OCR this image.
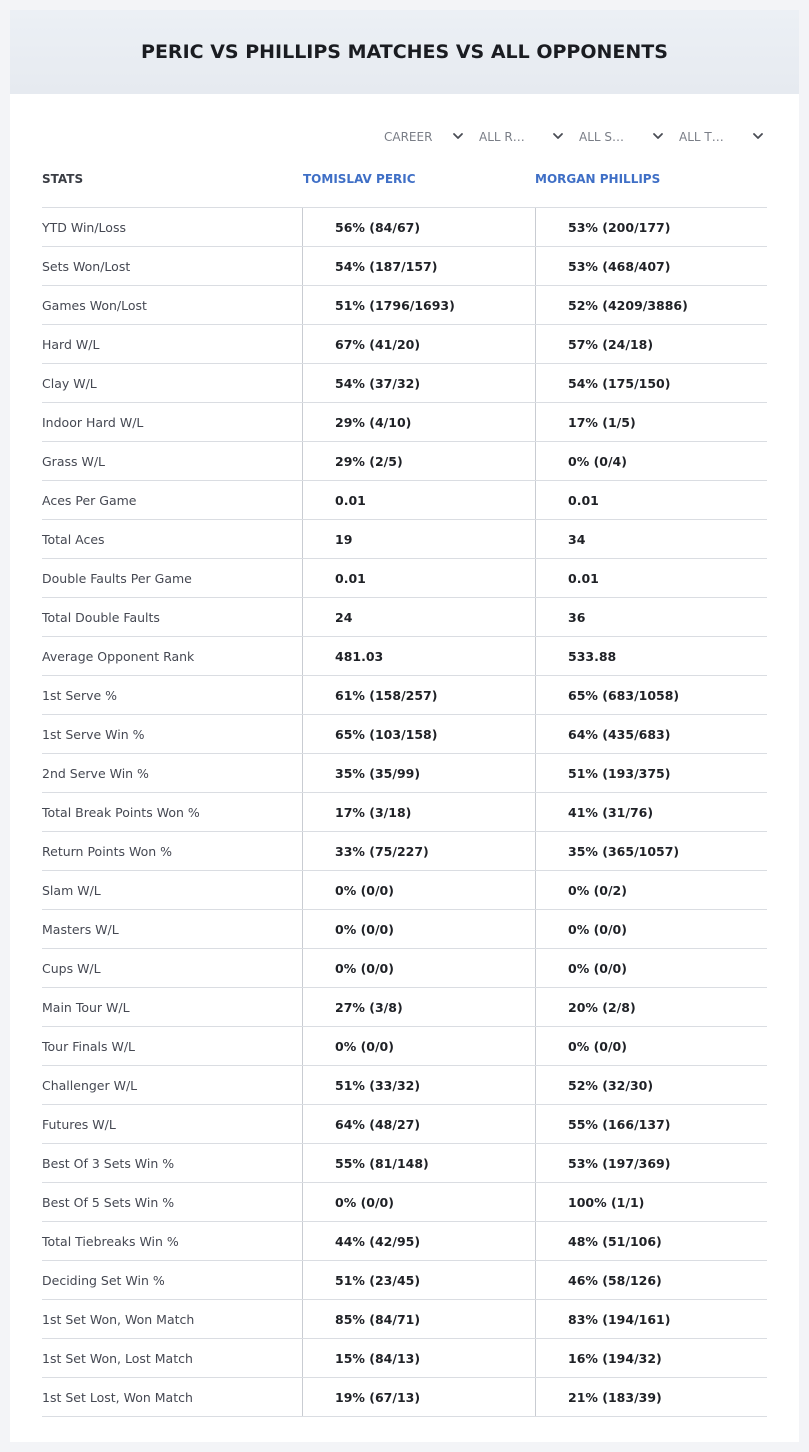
PERIC VS PHILLIPS MATCHES VS ALL OPPONENTS
CAREER	ALL R…	ALL S…	ALL T…
STATS	TOMISLAV PERIC	MORGAN PHILLIPS
YTD Win/Loss	56% (84/67)	53% (200/177)
Sets Won/Lost	54% (187/157)	53% (468/407)
Games Won/Lost	51% (1796/1693)	52% (4209/3886)
Hard W/L	67% (41/20)	57% (24/18)
Clay W/L	54% (37/32)	54% (175/150)
Indoor Hard W/L	29% (4/10)	17% (1/5)
Grass W/L	29% (2/5)	0% (0/4)
Aces Per Game	0.01	0.01
Total Aces	19	34
Double Faults Per Game	0.01	0.01
Total Double Faults	24	36
Average Opponent Rank	481.03	533.88
1st Serve %	61% (158/257)	65% (683/1058)
1st Serve Win %	65% (103/158)	64% (435/683)
2nd Serve Win %	35% (35/99)	51% (193/375)
Total Break Points Won %	17% (3/18)	41% (31/76)
Return Points Won %	33% (75/227)	35% (365/1057)
Slam W/L	0% (0/0)	0% (0/2)
Masters W/L	0% (0/0)	0% (0/0)
Cups W/L	0% (0/0)	0% (0/0)
Main Tour W/L	27% (3/8)	20% (2/8)
Tour Finals W/L	0% (0/0)	0% (0/0)
Challenger W/L	51% (33/32)	52% (32/30)
Futures W/L	64% (48/27)	55% (166/137)
Best Of 3 Sets Win %	55% (81/148)	53% (197/369)
Best Of 5 Sets Win %	0% (0/0)	100% (1/1)
Total Tiebreaks Win %	44% (42/95)	48% (51/106)
Deciding Set Win %	51% (23/45)	46% (58/126)
1st Set Won, Won Match	85% (84/71)	83% (194/161)
1st Set Won, Lost Match	15% (84/13)	16% (194/32)
1st Set Lost, Won Match	19% (67/13)	21% (183/39)
